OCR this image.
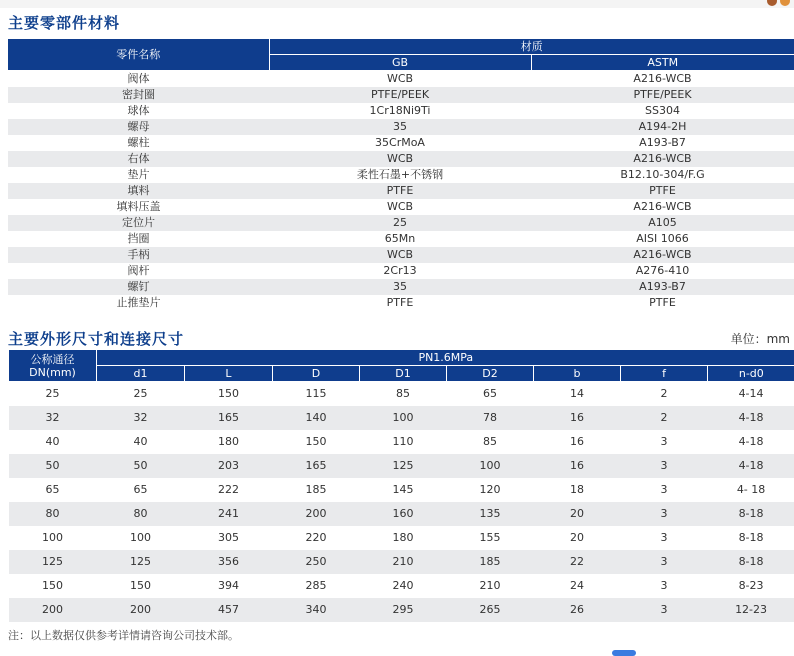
主要零部件材料
零件名称	材质	
	GB	ASTM
阀体	WCB	A216-WCB
密封圈	PTFE/PEEK	PTFE/PEEK
球体	1Cr18Ni9Ti	SS304
螺母	35	A194-2H
螺柱	35CrMoA	A193-B7
右体	WCB	A216-WCB
垫片	柔性石墨+不锈钢	B12.10-304/F.G
填料	PTFE	PTFE
填料压盖	WCB	A216-WCB
定位片	25	A105
挡圈	65Mn	AISI 1066
手柄	WCB	A216-WCB
阀杆	2Cr13	A276-410
螺钉	35	A193-B7
止推垫片	PTFE	PTFE
主要外形尺寸和连接尺寸	单位：mm
公称通径
DN(mm)	PN1.6MPa							
	d1	L	D	D1	D2	b	f	n-d0
25	25	150	115	85	65	14	2	4-14
32	32	165	140	100	78	16	2	4-18
40	40	180	150	110	85	16	3	4-18
50	50	203	165	125	100	16	3	4-18
65	65	222	185	145	120	18	3	4- 18
80	80	241	200	160	135	20	3	8-18
100	100	305	220	180	155	20	3	8-18
125	125	356	250	210	185	22	3	8-18
150	150	394	285	240	210	24	3	8-23
200	200	457	340	295	265	26	3	12-23
注：以上数据仅供参考详情请咨询公司技术部。
